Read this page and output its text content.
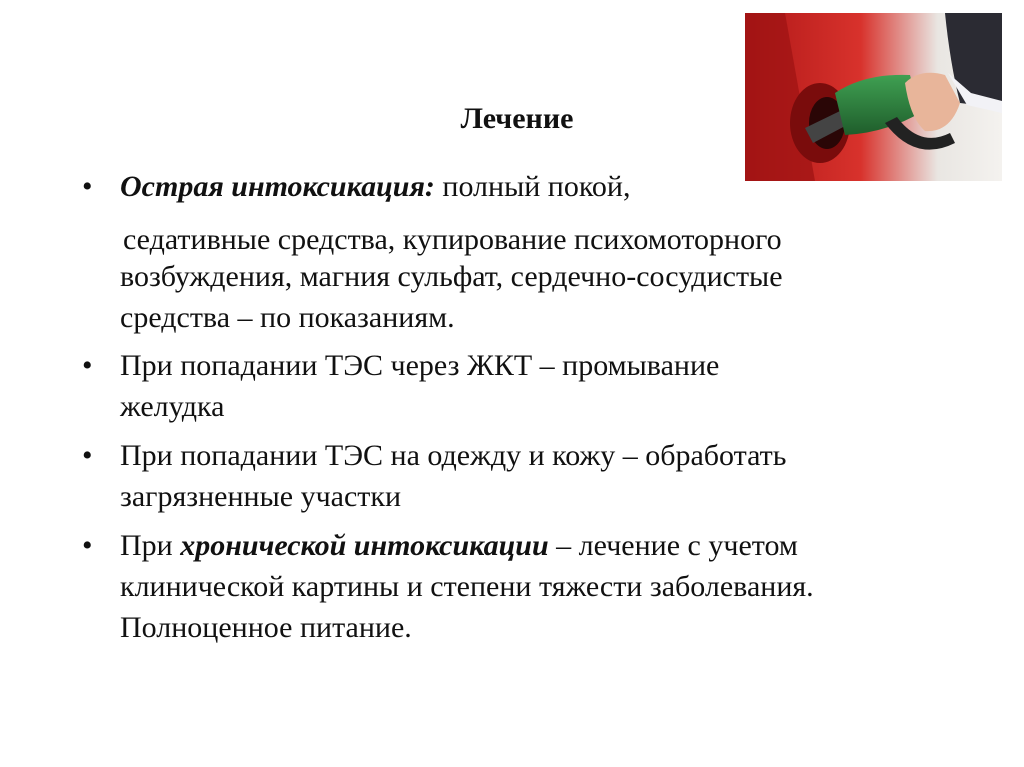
Лечение
• Острая интоксикация: полный покой,
седативные средства, купирование психомоторного
возбуждения, магния сульфат, сердечно-сосудистые
средства – по показаниям.
• При попадании ТЭС через ЖКТ – промывание
желудка
• При попадании ТЭС на одежду и кожу – обработать
загрязненные участки
• При хронической интоксикации – лечение с учетом
клинической картины и степени тяжести заболевания.
Полноценное питание.
